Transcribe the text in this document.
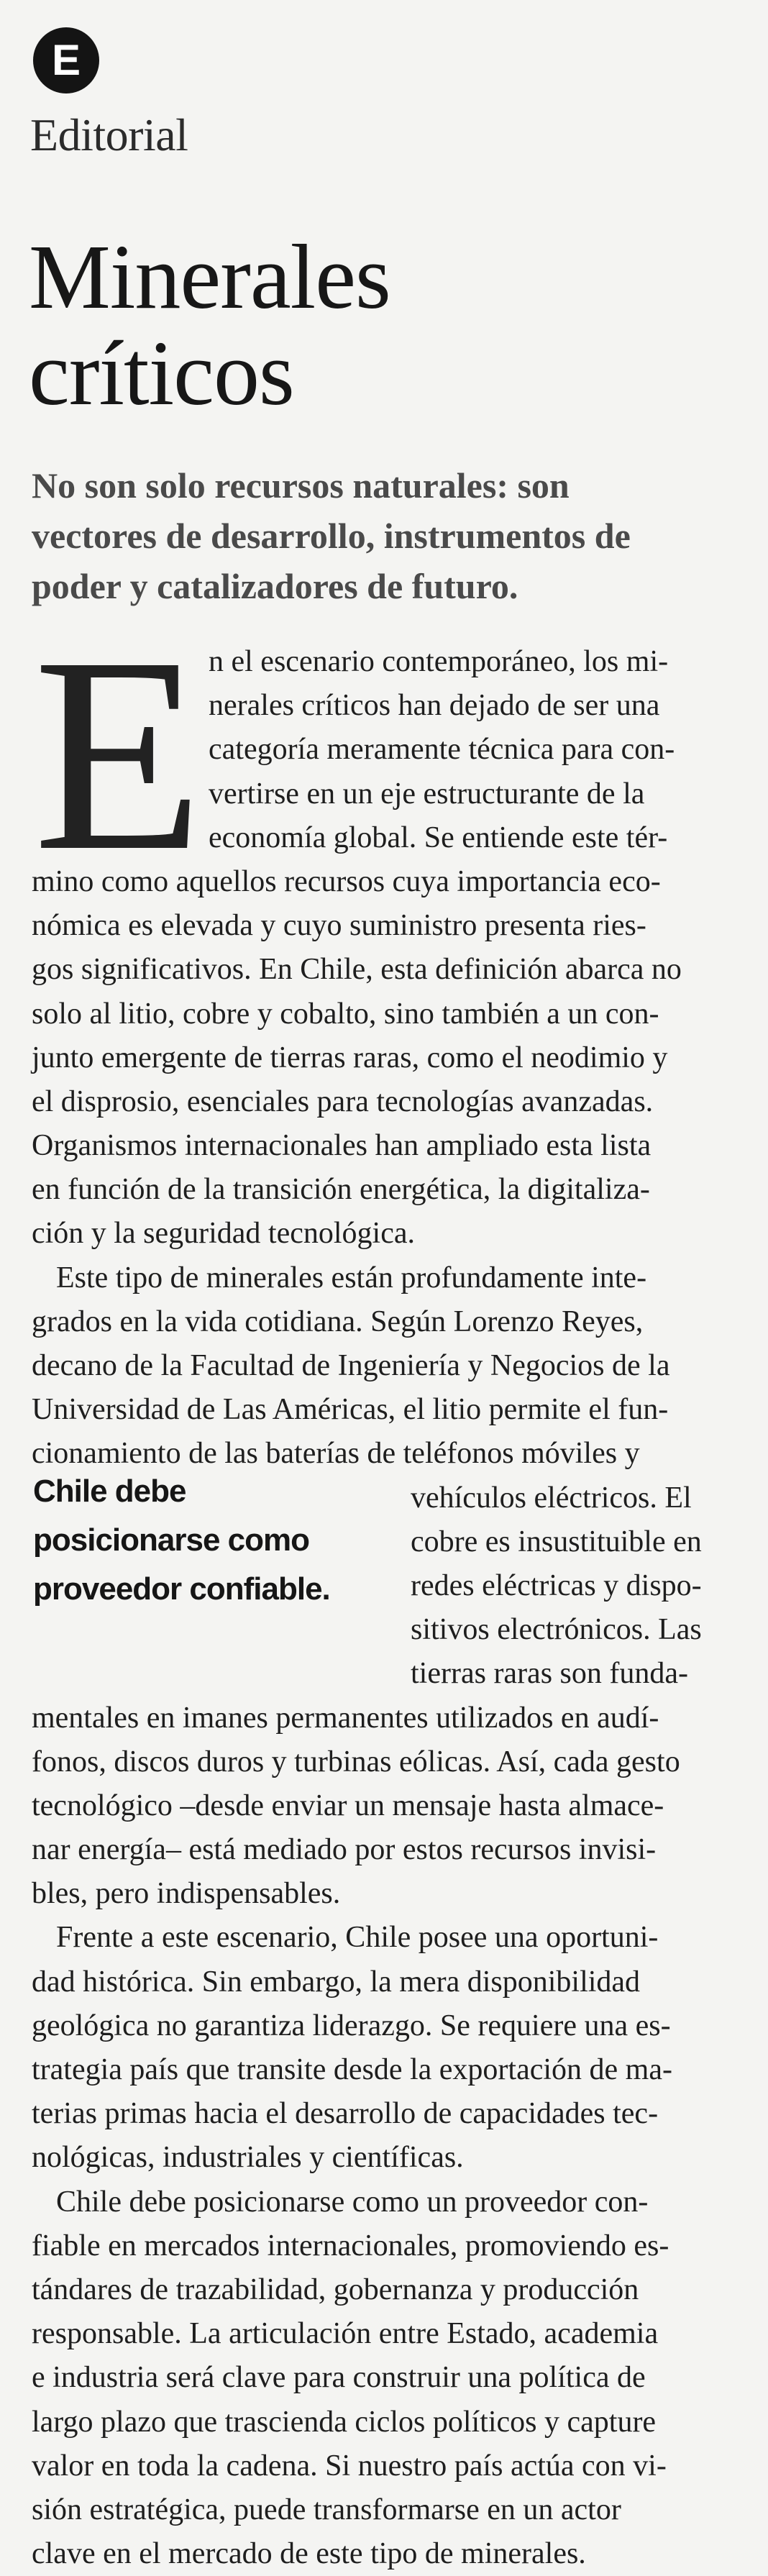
E
Editorial
Minerales
críticos
No son solo recursos naturales: son
vectores de desarrollo, instrumentos de
poder y catalizadores de futuro.
E
Chile debe
posicionarse como
proveedor confiable.
n el escenario contemporáneo, los mi-
nerales críticos han dejado de ser una
categoría meramente técnica para con-
vertirse en un eje estructurante de la
economía global. Se entiende este tér-
mino como aquellos recursos cuya importancia eco-
nómica es elevada y cuyo suministro presenta ries-
gos significativos. En Chile, esta definición abarca no
solo al litio, cobre y cobalto, sino también a un con-
junto emergente de tierras raras, como el neodimio y
el disprosio, esenciales para tecnologías avanzadas.
Organismos internacionales han ampliado esta lista
en función de la transición energética, la digitaliza-
ción y la seguridad tecnológica.
Este tipo de minerales están profundamente inte-
grados en la vida cotidiana. Según Lorenzo Reyes,
decano de la Facultad de Ingeniería y Negocios de la
Universidad de Las Américas, el litio permite el fun-
cionamiento de las baterías de teléfonos móviles y
vehículos eléctricos. El
cobre es insustituible en
redes eléctricas y dispo-
sitivos electrónicos. Las
tierras raras son funda-
mentales en imanes permanentes utilizados en audí-
fonos, discos duros y turbinas eólicas. Así, cada gesto
tecnológico –desde enviar un mensaje hasta almace-
nar energía– está mediado por estos recursos invisi-
bles, pero indispensables.
Frente a este escenario, Chile posee una oportuni-
dad histórica. Sin embargo, la mera disponibilidad
geológica no garantiza liderazgo. Se requiere una es-
trategia país que transite desde la exportación de ma-
terias primas hacia el desarrollo de capacidades tec-
nológicas, industriales y científicas.
Chile debe posicionarse como un proveedor con-
fiable en mercados internacionales, promoviendo es-
tándares de trazabilidad, gobernanza y producción
responsable. La articulación entre Estado, academia
e industria será clave para construir una política de
largo plazo que trascienda ciclos políticos y capture
valor en toda la cadena. Si nuestro país actúa con vi-
sión estratégica, puede transformarse en un actor
clave en el mercado de este tipo de minerales.
